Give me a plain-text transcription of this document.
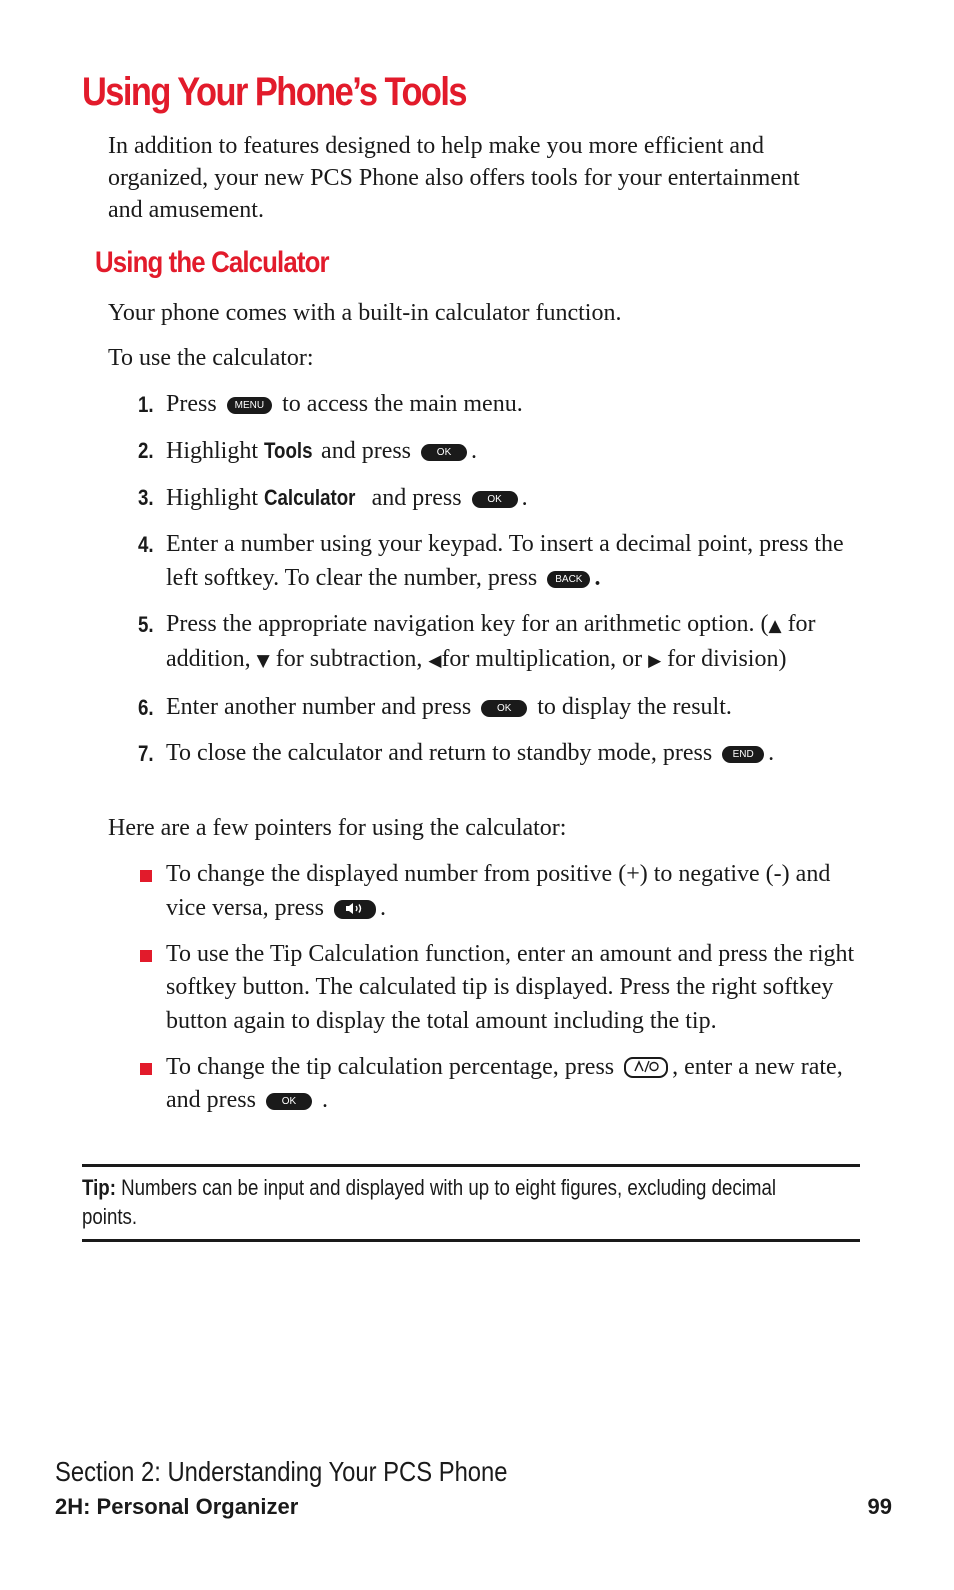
Using Your Phone’s Tools

In addition to features designed to help make you more efficient and organized, your new PCS Phone also offers tools for your entertainment and amusement.

Using the Calculator

Your phone comes with a built-in calculator function.

To use the calculator:

1. Press MENU to access the main menu.
2. Highlight Tools and press	OK .
3. Highlight Calculator and press	OK .
4. Enter a number using your keypad. To insert a decimal point, press the left softkey. To clear the number, press BACK .
5. Press the appropriate navigation key for an arithmetic option. (▲ for addition, ▼ for subtraction, ◀for multiplication, or ▶ for division)
6. Enter another number and press	OK to display the result.
7. To close the calculator and return to standby mode, press END .

Here are a few pointers for using the calculator:

To change the displayed number from positive (+) to negative (-) and vice versa, press .
To use the Tip Calculation function, enter an amount and press the right softkey button. The calculated tip is displayed. Press the right softkey button again to display the total amount including the tip.
To change the tip calculation percentage, press , enter a new rate, and press	OK .

Tip: Numbers can be input and displayed with up to eight figures, excluding decimal points.

Section 2: Understanding Your PCS Phone

2H: Personal Organizer	99
